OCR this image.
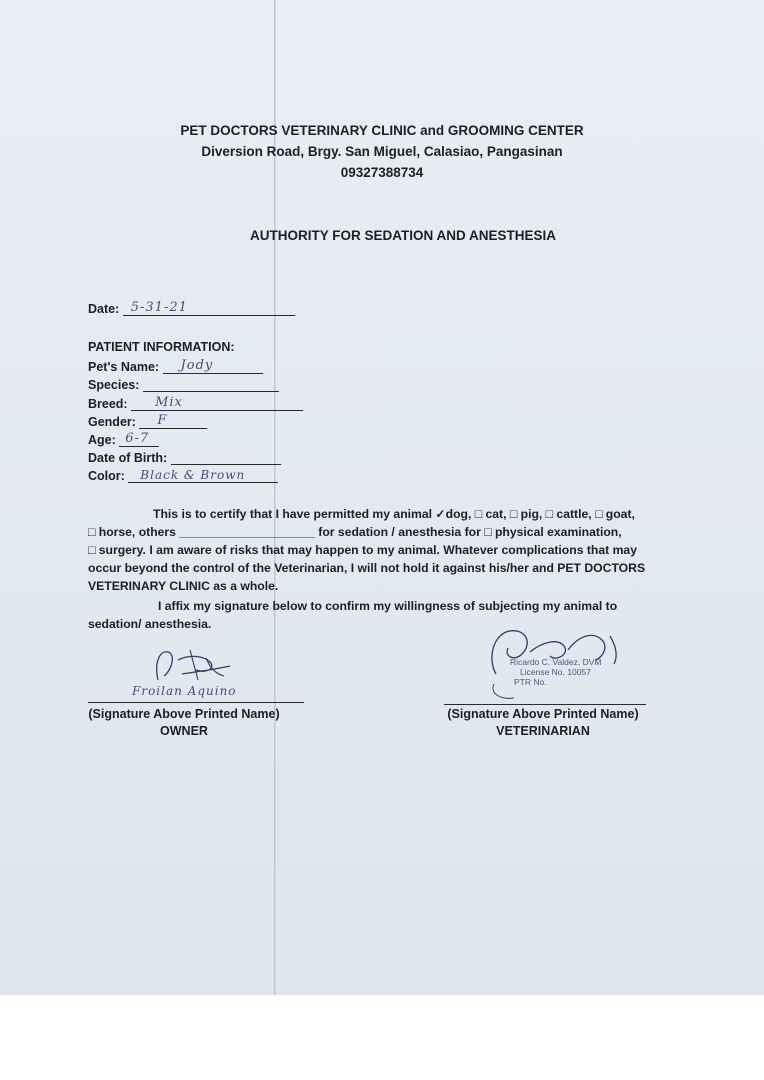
PET DOCTORS VETERINARY CLINIC and GROOMING CENTER
Diversion Road, Brgy. San Miguel, Calasiao, Pangasinan
09327388734
AUTHORITY FOR SEDATION AND ANESTHESIA
Date: 5-31-21
PATIENT INFORMATION:
Pet's Name: Jody
Species:
Breed: Mix
Gender: F
Age: 6-7
Date of Birth:
Color: Black & Brown
This is to certify that I have permitted my animal ✓dog, □ cat, □ pig, □ cattle, □ goat,
□ horse, others ____________________ for sedation / anesthesia for □ physical examination,
□ surgery. I am aware of risks that may happen to my animal. Whatever complications that may
occur beyond the control of the Veterinarian, I will not hold it against his/her and PET DOCTORS
VETERINARY CLINIC as a whole.
I affix my signature below to confirm my willingness of subjecting my animal to
sedation/ anesthesia.
Froilan Aquino
(Signature Above Printed Name)
OWNER
Ricardo C. Valdez, DVM
License No. 10057
PTR No.
(Signature Above Printed Name)
VETERINARIAN
